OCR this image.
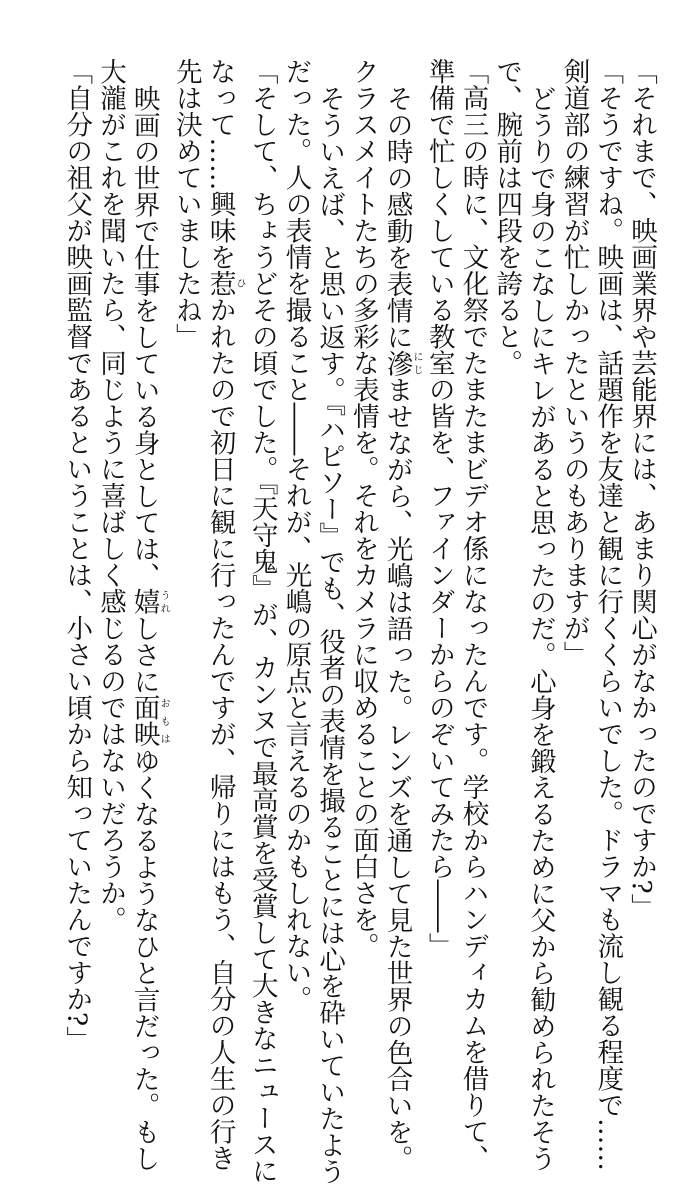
「それまで、映画業界や芸能界には、あまり関心がなかったのですか?」
「そうですね。映画は、話題作を友達と観に行くくらいでした。ドラマも流し観る程度で……
剣道部の練習が忙しかったというのもありますが」
どうりで身のこなしにキレがあると思ったのだ。心身を鍛えるために父から勧められたそう
で、腕前は四段を誇ると。
「高三の時に、文化祭でたまたまビデオ係になったんです。学校からハンディカムを借りて、
準備で忙しくしている教室の皆を、ファインダーからのぞいてみたら――」
その時の感動を表情に滲にじませながら、光嶋は語った。レンズを通して見た世界の色合いを。
クラスメイトたちの多彩な表情を。それをカメラに収めることの面白さを。
そういえば、と思い返す。『ハピソー』でも、役者の表情を撮ることには心を砕いていたよう
だった。人の表情を撮ること――それが、光嶋の原点と言えるのかもしれない。
「そして、ちょうどその頃でした。『天守鬼』が、カンヌで最高賞を受賞して大きなニュースに
なって……興味を惹ひかれたので初日に観に行ったんですが、帰りにはもう、自分の人生の行き
先は決めていましたね」
映画の世界で仕事をしている身としては、嬉うれしさに面映おもはゆくなるようなひと言だった。もし
大瀧がこれを聞いたら、同じように喜ばしく感じるのではないだろうか。
「自分の祖父が映画監督であるということは、小さい頃から知っていたんですか?」
